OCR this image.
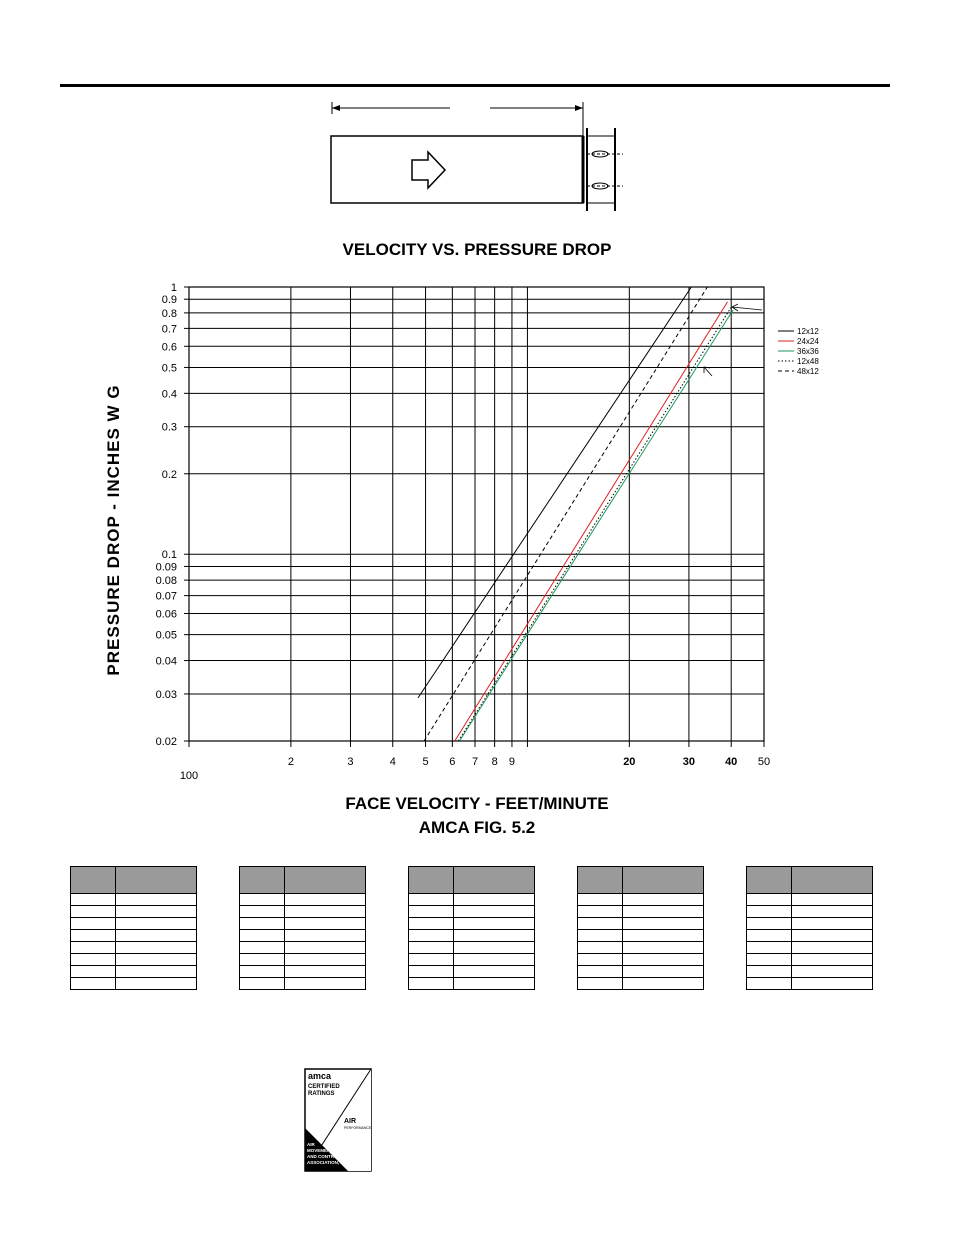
VELOCITY VS. PRESSURE DROP
1
0.9
0.8
0.7
0.6
0.5
0.4
0.3
0.2
0.1
0.09
0.08
0.07
0.06
0.05
0.04
0.03
0.02
2	3	4 5 6 7 8 9	20	30	40 50
100
12x12
24x24
36x36
12x48
48x12
PRESSURE DROP - INCHES W G
FACE VELOCITY - FEET/MINUTE
AMCA FIG. 5.2

amca
CERTIFIED
RATINGS
AIR
PERFORMANCE
AIR
MOVEMENT
AND CONTROL
ASSOCIATION, INC.
